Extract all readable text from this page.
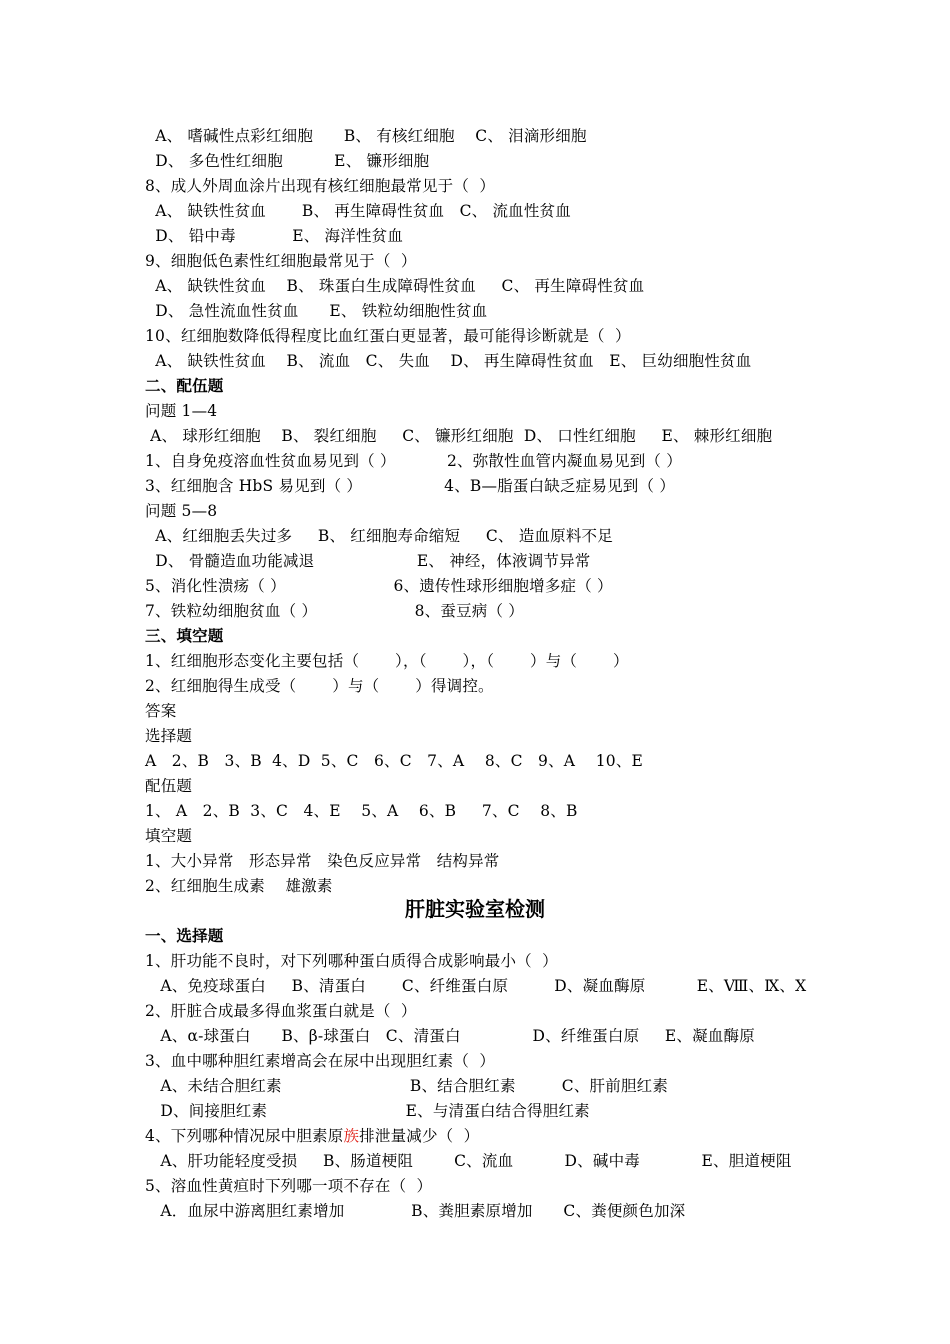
A、 嗜碱性点彩红细胞      B、 有核红细胞    C、 泪滴形细胞
D、 多色性红细胞          E、 镰形细胞
8、成人外周血涂片出现有核红细胞最常见于（  ）
A、 缺铁性贫血       B、 再生障碍性贫血   C、 流血性贫血
D、 铅中毒           E、 海洋性贫血
9、细胞低色素性红细胞最常见于（  ）
A、 缺铁性贫血    B、 珠蛋白生成障碍性贫血     C、 再生障碍性贫血
D、 急性流血性贫血      E、 铁粒幼细胞性贫血
10、红细胞数降低得程度比血红蛋白更显著，最可能得诊断就是（  ）
A、 缺铁性贫血    B、 流血   C、 失血    D、 再生障碍性贫血   E、 巨幼细胞性贫血
二、配伍题
问题 1—4
A、 球形红细胞    B、 裂红细胞     C、 镰形红细胞  D、 口性红细胞     E、 棘形红细胞
1、自身免疫溶血性贫血易见到（ ）          2、弥散性血管内凝血易见到（ ）
3、红细胞含 HbS 易见到（ ）                4、B—脂蛋白缺乏症易见到（ ）
问题 5—8
A、红细胞丢失过多     B、 红细胞寿命缩短     C、 造血原料不足
D、 骨髓造血功能减退                    E、 神经，体液调节异常
5、消化性溃疡（ ）                     6、遗传性球形细胞增多症（ ）
7、铁粒幼细胞贫血（ ）                   8、蚕豆病（ ）
三、填空题
1、红细胞形态变化主要包括（       ），（       ），（       ）与（       ）
2、红细胞得生成受（       ）与（       ）得调控。
答案
选择题
A   2、B   3、B  4、D  5、C   6、C   7、A    8、C   9、A    10、E
配伍题
1、 A   2、B  3、C   4、E    5、A    6、B     7、C    8、B
填空题
1、大小异常   形态异常   染色反应异常   结构异常
2、红细胞生成素    雄激素
肝脏实验室检测
一、选择题
1、肝功能不良时，对下列哪种蛋白质得合成影响最小（  ）
A、免疫球蛋白     B、清蛋白       C、纤维蛋白原         D、凝血酶原          E、Ⅷ、Ⅸ、Ⅹ
2、肝脏合成最多得血浆蛋白就是（  ）
A、α-球蛋白      B、β-球蛋白   C、清蛋白              D、纤维蛋白原     E、凝血酶原
3、血中哪种胆红素增高会在尿中出现胆红素（  ）
A、未结合胆红素                         B、结合胆红素         C、肝前胆红素
D、间接胆红素                           E、与清蛋白结合得胆红素
4、下列哪种情况尿中胆素原族排泄量减少（  ）
A、肝功能轻度受损     B、肠道梗阻        C、流血          D、碱中毒            E、胆道梗阻
5、溶血性黄疸时下列哪一项不存在（  ）
A．血尿中游离胆红素增加             B、粪胆素原增加      C、粪便颜色加深
